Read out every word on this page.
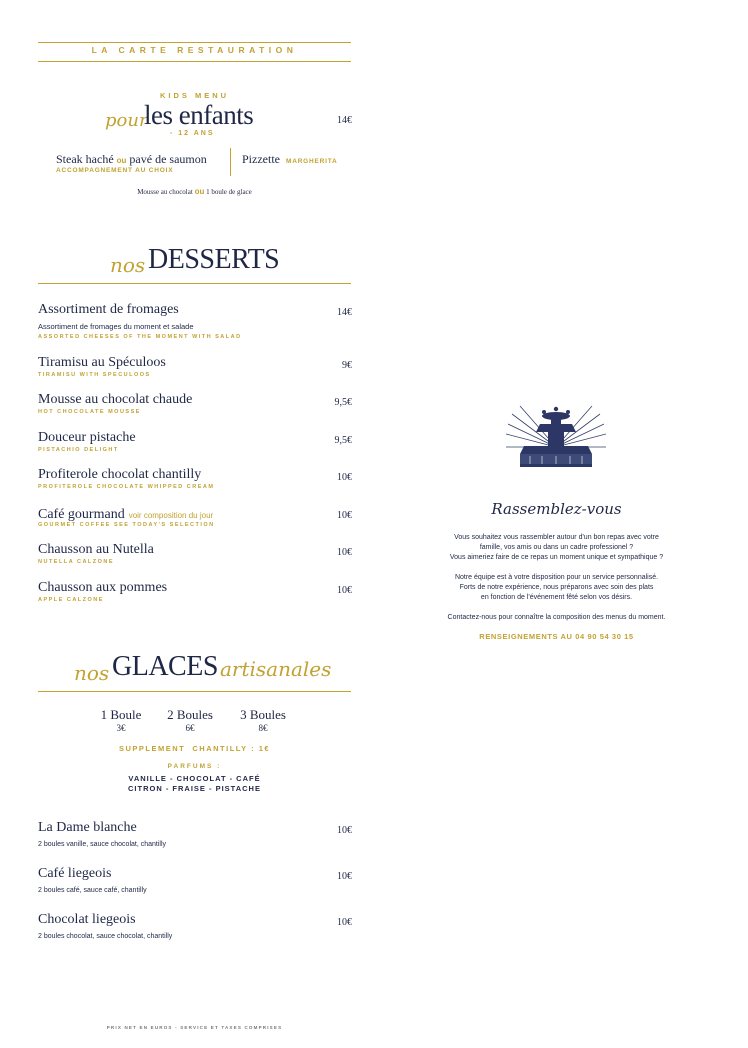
LA CARTE RESTAURATION
KIDS MENU
pour
les enfants
- 12 ANS
14€
Steak haché ou pavé de saumon
ACCOMPAGNEMENT AU CHOIX
Pizzette MARGHERITA
Mousse au chocolat ou 1 boule de glace
nos DESSERTS
Assortiment de fromages
Assortiment de fromages du moment et salade
ASSORTED CHEESES OF THE MOMENT WITH SALAD
14€
Tiramisu au Spéculoos
TIRAMISU WITH SPECULOOS
9€
Mousse au chocolat chaude
HOT CHOCOLATE MOUSSE
9,5€
Douceur pistache
PISTACHIO DELIGHT
9,5€
Profiterole chocolat chantilly
PROFITEROLE CHOCOLATE WHIPPED CREAM
10€
Café gourmand voir composition du jour
GOURMET COFFEE SEE TODAY'S SELECTION
10€
Chausson au Nutella
NUTELLA CALZONE
10€
Chausson aux pommes
APPLE CALZONE
10€
nos GLACES artisanales
1 Boule
3€
2 Boules
6€
3 Boules
8€
SUPPLEMENT  CHANTILLY : 1€
PARFUMS :
VANILLE - CHOCOLAT - CAFÉ
CITRON - FRAISE - PISTACHE
La Dame blanche
2 boules vanille, sauce chocolat, chantilly
10€
Café liegeois
2 boules café, sauce café, chantilly
10€
Chocolat liegeois
2 boules chocolat, sauce chocolat, chantilly
10€
Rassemblez-vous
Vous souhaitez vous rassembler autour d'un bon repas avec votre
famille, vos amis ou dans un cadre professionel ?
Vous aimeriez faire de ce repas un moment unique et sympathique ?
Notre équipe est à votre disposition pour un service personnalisé.
Forts de notre expérience, nous préparons avec soin des plats
en fonction de l'événement fêté selon vos désirs.
Contactez-nous pour connaître la composition des menus du moment.
RENSEIGNEMENTS AU 04 90 54 30 15
PRIX NET EN EUROS - SERVICE ET TAXES COMPRISES
